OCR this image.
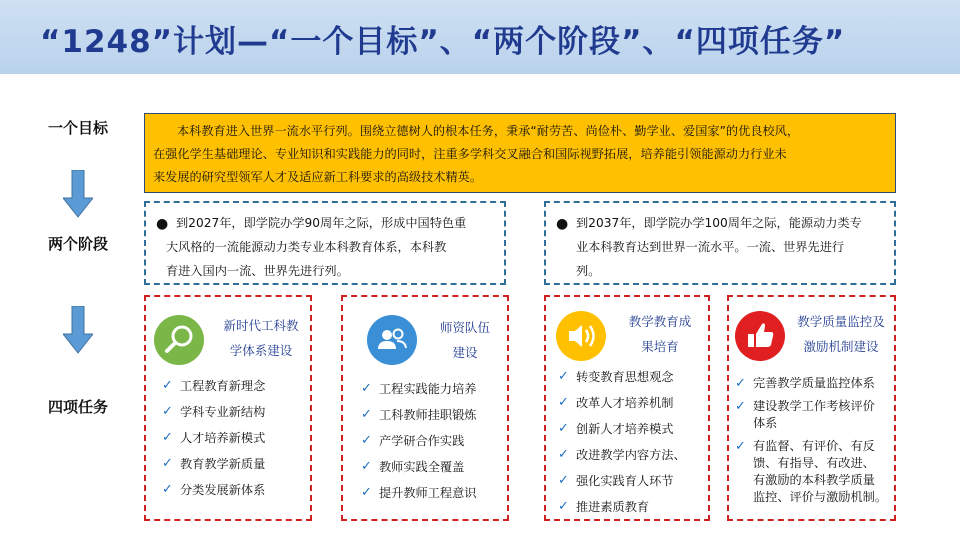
“1248”计划—“一个目标”、“两个阶段”、“四项任务”
一个目标
两个阶段
四项任务
本科教育进入世界一流水平行列。围绕立德树人的根本任务，秉承“耐劳苦、尚俭朴、勤学业、爱国家”的优良校风，
在强化学生基础理论、专业知识和实践能力的同时，注重多学科交叉融合和国际视野拓展，培养能引领能源动力行业未
来发展的研究型领军人才及适应新工科要求的高级技术精英。
● 到2027年，即学院办学90周年之际，形成中国特色重
大风格的一流能源动力类专业本科教育体系，本科教
育进入国内一流、世界先进行列。
● 到2037年，即学院办学100周年之际，能源动力类专
业本科教育达到世界一流水平。一流、世界先进行
列。
新时代工科教
学体系建设
✓ 工程教育新理念
✓ 学科专业新结构
✓ 人才培养新模式
✓ 教育教学新质量
✓ 分类发展新体系
师资队伍
建设
✓ 工程实践能力培养
✓ 工科教师挂职锻炼
✓ 产学研合作实践
✓ 教师实践全覆盖
✓ 提升教师工程意识
教学教育成
果培育
✓ 转变教育思想观念
✓ 改革人才培养机制
✓ 创新人才培养模式
✓ 改进教学内容方法、
✓ 强化实践育人环节
✓ 推进素质教育
教学质量监控及
激励机制建设
✓ 完善教学质量监控体系
✓ 建设教学工作考核评价
体系
✓ 有监督、有评价、有反
馈、有指导、有改进、
有激励的本科教学质量
监控、评价与激励机制。
